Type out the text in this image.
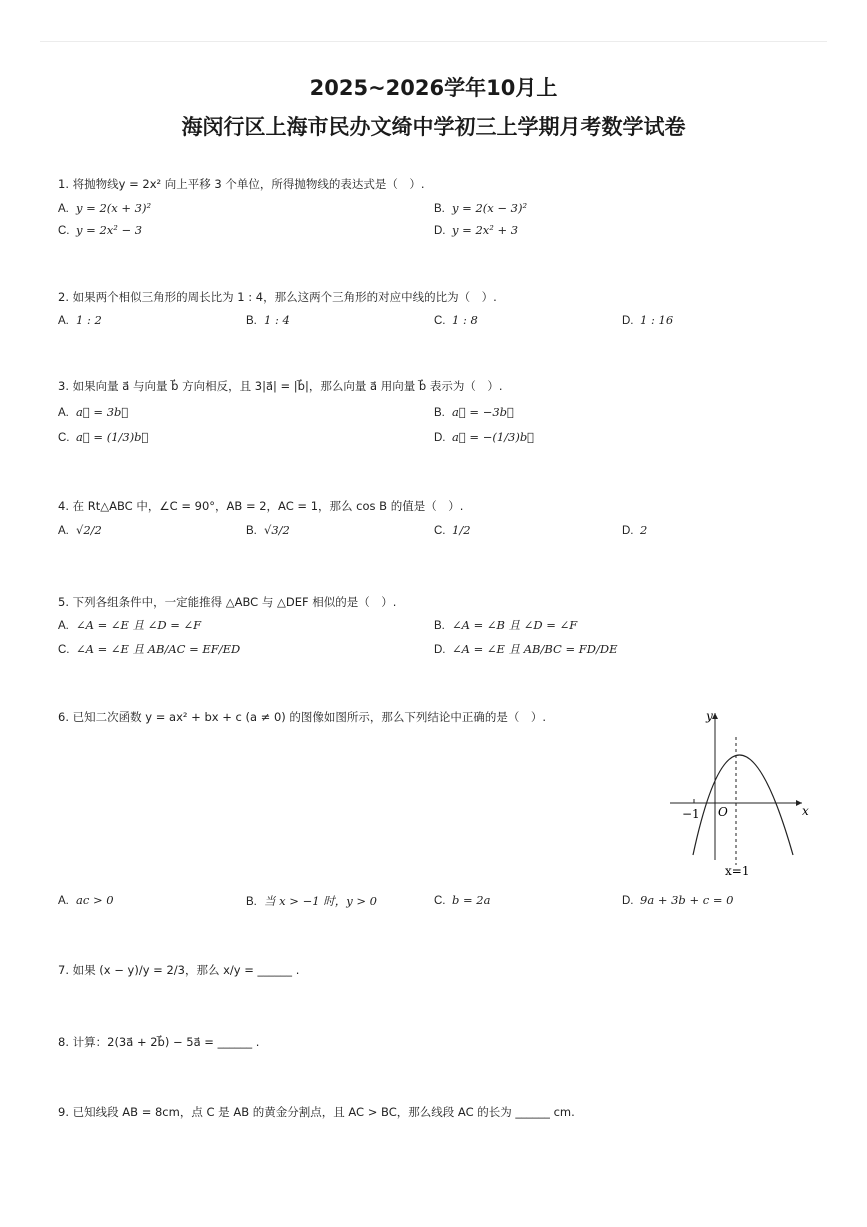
2025~2026学年10月上
海闵行区上海市民办文绮中学初三上学期月考数学试卷
1. 将抛物线y = 2x² 向上平移 3 个单位，所得抛物线的表达式是（　）.
A. y = 2(x + 3)²	B. y = 2(x − 3)²
C. y = 2x² − 3	D. y = 2x² + 3
2. 如果两个相似三角形的周长比为 1 : 4，那么这两个三角形的对应中线的比为（　）.
A. 1 : 2	B. 1 : 4	C. 1 : 8	D. 1 : 16
3. 如果向量 a⃗ 与向量 b⃗ 方向相反，且 3|a⃗| = |b⃗|，那么向量 a⃗ 用向量 b⃗ 表示为（　）.
A. a⃗ = 3b⃗	B. a⃗ = −3b⃗
C. a⃗ = (1/3)b⃗	D. a⃗ = −(1/3)b⃗
4. 在 Rt△ABC 中，∠C = 90°，AB = 2，AC = 1，那么 cos B 的值是（　）.
A. √2/2	B. √3/2	C. 1/2	D. 2
5. 下列各组条件中，一定能推得 △ABC 与 △DEF 相似的是（　）.
A. ∠A = ∠E 且 ∠D = ∠F	B. ∠A = ∠B 且 ∠D = ∠F
C. ∠A = ∠E 且 AB/AC = EF/ED	D. ∠A = ∠E 且 AB/BC = FD/DE
6. 已知二次函数 y = ax² + bx + c (a ≠ 0) 的图像如图所示，那么下列结论中正确的是（　）.	y
x
O
−1
x=1
A. ac > 0	B. 当 x > −1 时，y > 0	C. b = 2a	D. 9a + 3b + c = 0
7. 如果 (x − y)/y = 2/3，那么 x/y = ______ .
8. 计算：2(3a⃗ + 2b⃗) − 5a⃗ = ______ .
9. 已知线段 AB = 8cm，点 C 是 AB 的黄金分割点，且 AC > BC，那么线段 AC 的长为 ______ cm.
